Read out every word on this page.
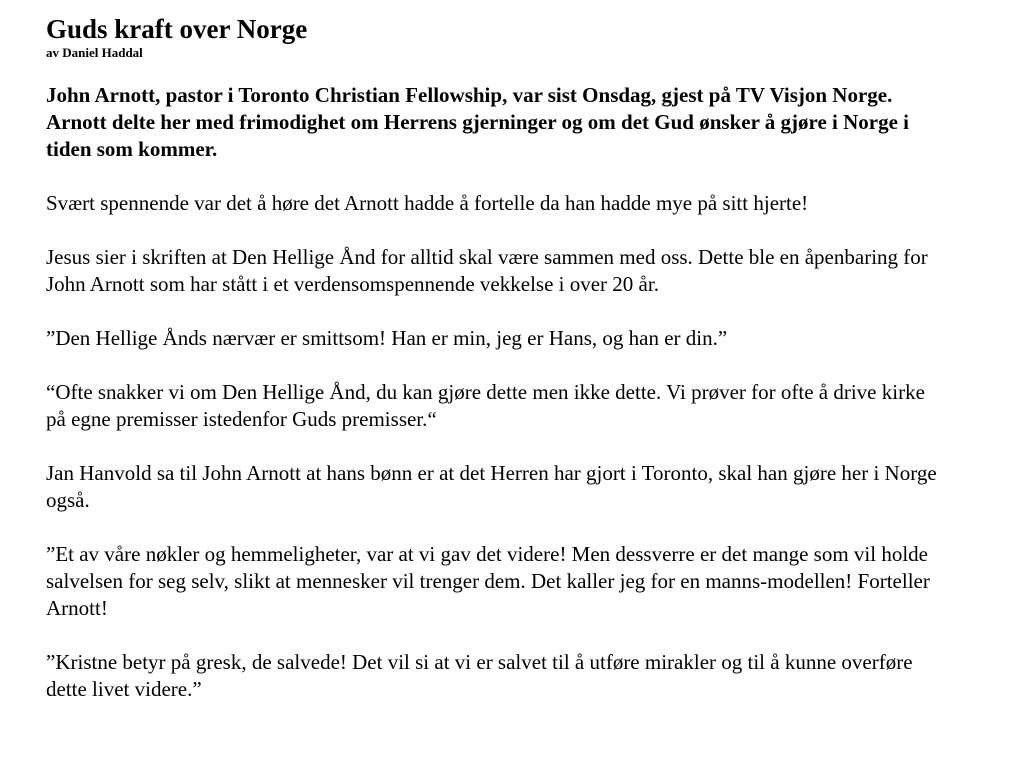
Guds kraft over Norge

av Daniel Haddal

John Arnott, pastor i Toronto Christian Fellowship, var sist Onsdag, gjest på TV Visjon Norge. Arnott delte her med frimodighet om Herrens gjerninger og om det Gud ønsker å gjøre i Norge i tiden som kommer.

Svært spennende var det å høre det Arnott hadde å fortelle da han hadde mye på sitt hjerte!

Jesus sier i skriften at Den Hellige Ånd for alltid skal være sammen med oss. Dette ble en åpenbaring for John Arnott som har stått i et verdensomspennende vekkelse i over 20 år.

”Den Hellige Ånds nærvær er smittsom! Han er min, jeg er Hans, og han er din.”

“Ofte snakker vi om Den Hellige Ånd, du kan gjøre dette men ikke dette. Vi prøver for ofte å drive kirke på egne premisser istedenfor Guds premisser.“

Jan Hanvold sa til John Arnott at hans bønn er at det Herren har gjort i Toronto, skal han gjøre her i Norge også.

”Et av våre nøkler og hemmeligheter, var at vi gav det videre! Men dessverre er det mange som vil holde salvelsen for seg selv, slikt at mennesker vil trenger dem. Det kaller jeg for en manns-modellen! Forteller Arnott!

”Kristne betyr på gresk, de salvede! Det vil si at vi er salvet til å utføre mirakler og til å kunne overføre dette livet videre.”
